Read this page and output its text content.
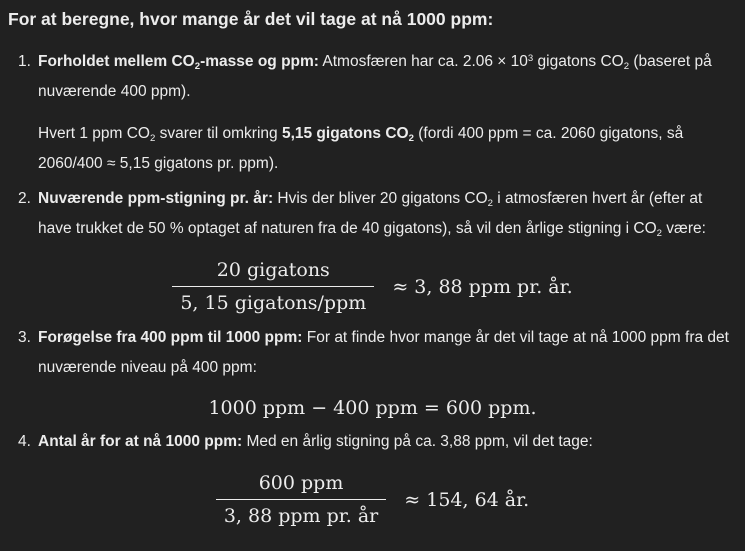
For at beregne, hvor mange år det vil tage at nå 1000 ppm:

1. Forholdet mellem CO2-masse og ppm: Atmosfæren har ca. $2.06 \times 10^3$ gigatons CO2 (baseret på nuværende 400 ppm).

Hvert 1 ppm CO2 svarer til omkring 5,15 gigatons CO2 (fordi 400 ppm = ca. 2060 gigatons, så 2060/400 ≈ 5,15 gigatons pr. ppm).

2. Nuværende ppm-stigning pr. år: Hvis der bliver 20 gigatons CO2 i atmosfæren hvert år (efter at have trukket de 50 % optaget af naturen fra de 40 gigatons), så vil den årlige stigning i CO2 være:

$\frac{\text{20 gigatons}}{\text{5, 15 gigatons/ppm}} \approx 3$, 88 ppm pr. år.
3. Forøgelse fra 400 ppm til 1000 ppm: For at finde hvor mange år det vil tage at nå 1000 ppm fra det nuværende niveau på 400 ppm:

1000 ppm − 400 ppm = 600 ppm.
4. Antal år for at nå 1000 ppm: Med en årlig stigning på ca. 3,88 ppm, vil det tage:

$\frac{\text{600 ppm}}{\text{3, 88 ppm pr. år}} \approx 154$, 64 år.
